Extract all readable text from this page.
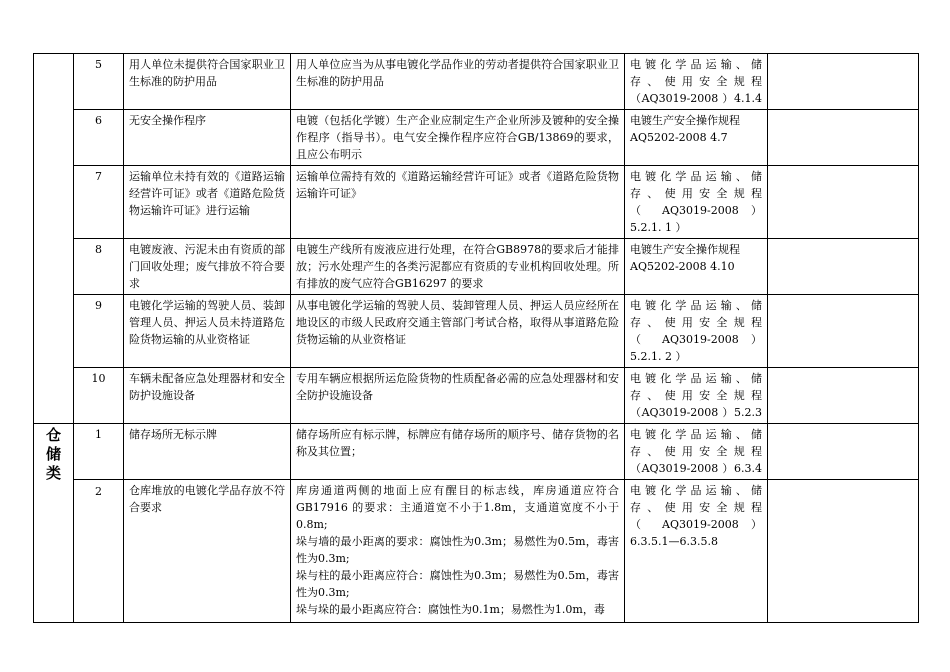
	5	用人单位未提供符合国家职业卫生标准的防护用品	用人单位应当为从事电镀化学品作业的劳动者提供符合国家职业卫生标准的防护用品	电镀化学品运输、储
存、使用安全规程
（AQ3019-2008 ）4.1.4	

	6	无安全操作程序	电镀（包括化学镀）生产企业应制定生产企业所涉及镀种的安全操作程序（指导书）。电气安全操作程序应符合GB/13869的要求，且应公布明示	电镀生产安全操作规程
AQ5202-2008 4.7	

	7	运输单位未持有效的《道路运输经营许可证》或者《道路危险货物运输许可证》进行运输	运输单位需持有效的《道路运输经营许可证》或者《道路危险货物运输许可证》	电镀化学品运输、储
存、使用安全规程
（ AQ3019-2008 ）
5.2.1. 1 ）	

	8	电镀废液、污泥未由有资质的部门回收处理；废气排放不符合要求	电镀生产线所有废液应进行处理，在符合GB8978的要求后才能排放；污水处理产生的各类污泥都应有资质的专业机构回收处理。所有排放的废气应符合GB16297 的要求	电镀生产安全操作规程
AQ5202-2008 4.10	

	9	电镀化学运输的驾驶人员、装卸管理人员、押运人员未持道路危险货物运输的从业资格证	从事电镀化学运输的驾驶人员、装卸管理人员、押运人员应经所在地设区的市级人民政府交通主管部门考试合格，取得从事道路危险货物运输的从业资格证	电镀化学品运输、储
存、使用安全规程
（ AQ3019-2008 ）
5.2.1. 2 ）	

	10	车辆未配备应急处理器材和安全防护设施设备	专用车辆应根据所运危险货物的性质配备必需的应急处理器材和安全防护设施设备	电镀化学品运输、储
存、使用安全规程
（AQ3019-2008 ）5.2.3	

仓储类	1	储存场所无标示牌	储存场所应有标示牌，标牌应有储存场所的顺序号、储存货物的名称及其位置；	电镀化学品运输、储
存、使用安全规程
（AQ3019-2008 ）6.3.4	

	2	仓库堆放的电镀化学品存放不符合要求	库房通道两侧的地面上应有醒目的标志线，库房通道应符合GB17916 的要求：主通道宽不小于1.8m，支通道宽度不小于0.8m;
垛与墙的最小距离的要求：腐蚀性为0.3m；易燃性为0.5m，毒害性为0.3m;
垛与柱的最小距离应符合：腐蚀性为0.3m；易燃性为0.5m，毒害性为0.3m;
垛与垛的最小距离应符合：腐蚀性为0.1m；易燃性为1.0m，毒	电镀化学品运输、储
存、使用安全规程
（ AQ3019-2008 ）
6.3.5.1—6.3.5.8	
